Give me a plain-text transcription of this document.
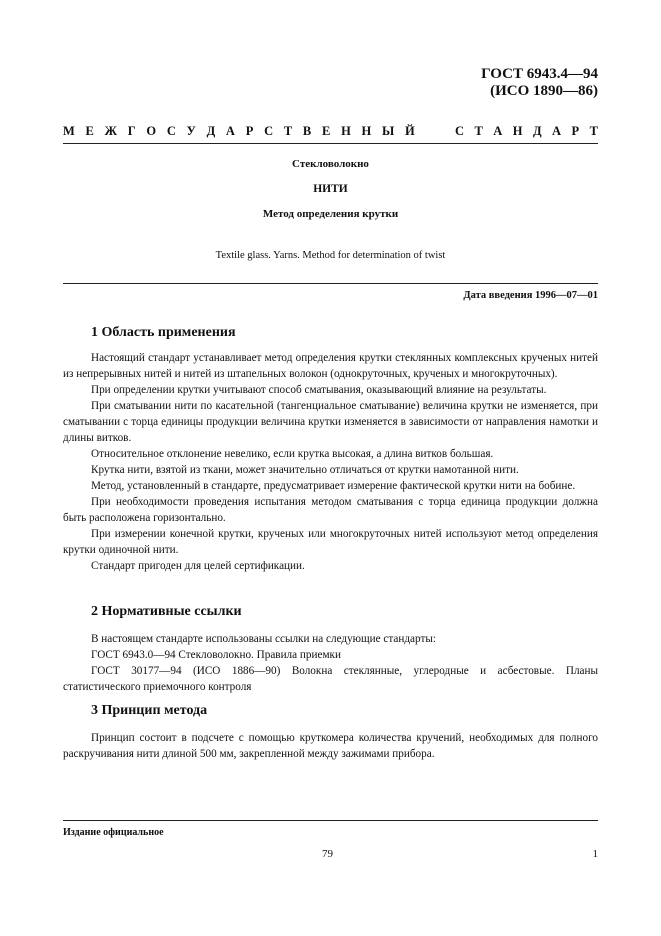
ГОСТ 6943.4—94
(ИСО 1890—86)
М Е Ж Г О С У Д А Р С Т В Е Н Н Ы Й	С Т А Н Д А Р Т
Стекловолокно
НИТИ
Метод определения крутки
Textile glass. Yarns. Method for determination of twist
Дата введения 1996—07—01
1 Область применения
Настоящий стандарт устанавливает метод определения крутки стеклянных комплексных крученых нитей из непрерывных нитей и нитей из штапельных волокон (однокруточных, крученых и многокруточных).
При определении крутки учитывают способ сматывания, оказывающий влияние на результаты.
При сматывании нити по касательной (тангенциальное сматывание) величина крутки не изменяется, при сматывании с торца единицы продукции величина крутки изменяется в зависимости от направления намотки и длины витков.
Относительное отклонение невелико, если крутка высокая, а длина витков большая.
Крутка нити, взятой из ткани, может значительно отличаться от крутки намотанной нити.
Метод, установленный в стандарте, предусматривает измерение фактической крутки нити на бобине.
При необходимости проведения испытания методом сматывания с торца единица продукции должна быть расположена горизонтально.
При измерении конечной крутки, крученых или многокруточных нитей используют метод определения крутки одиночной нити.
Стандарт пригоден для целей сертификации.
2 Нормативные ссылки
В настоящем стандарте использованы ссылки на следующие стандарты:
ГОСТ 6943.0—94 Стекловолокно. Правила приемки
ГОСТ 30177—94 (ИСО 1886—90) Волокна стеклянные, углеродные и асбестовые. Планы статистического приемочного контроля
3 Принцип метода
Принцип состоит в подсчете с помощью круткомера количества кручений, необходимых для полного раскручивания нити длиной 500 мм, закрепленной между зажимами прибора.
Издание официальное
79	1
